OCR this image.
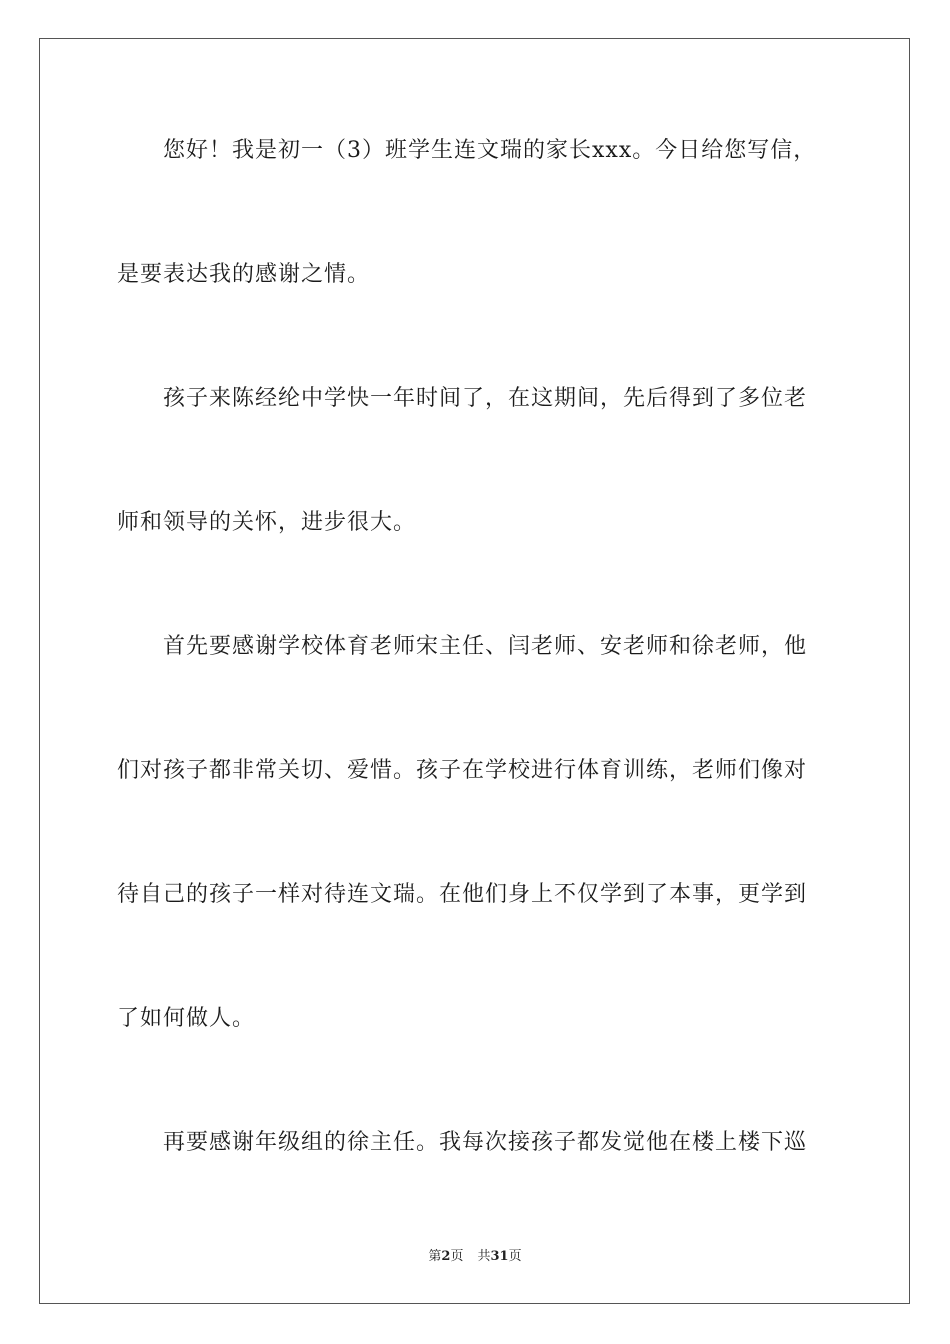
您好！我是初一（3）班学生连文瑞的家长xxx。今日给您写信，
是要表达我的感谢之情。
孩子来陈经纶中学快一年时间了，在这期间，先后得到了多位老
师和领导的关怀，进步很大。
首先要感谢学校体育老师宋主任、闫老师、安老师和徐老师，他
们对孩子都非常关切、爱惜。孩子在学校进行体育训练，老师们像对
待自己的孩子一样对待连文瑞。在他们身上不仅学到了本事，更学到
了如何做人。
再要感谢年级组的徐主任。我每次接孩子都发觉他在楼上楼下巡
第2页 共31页
